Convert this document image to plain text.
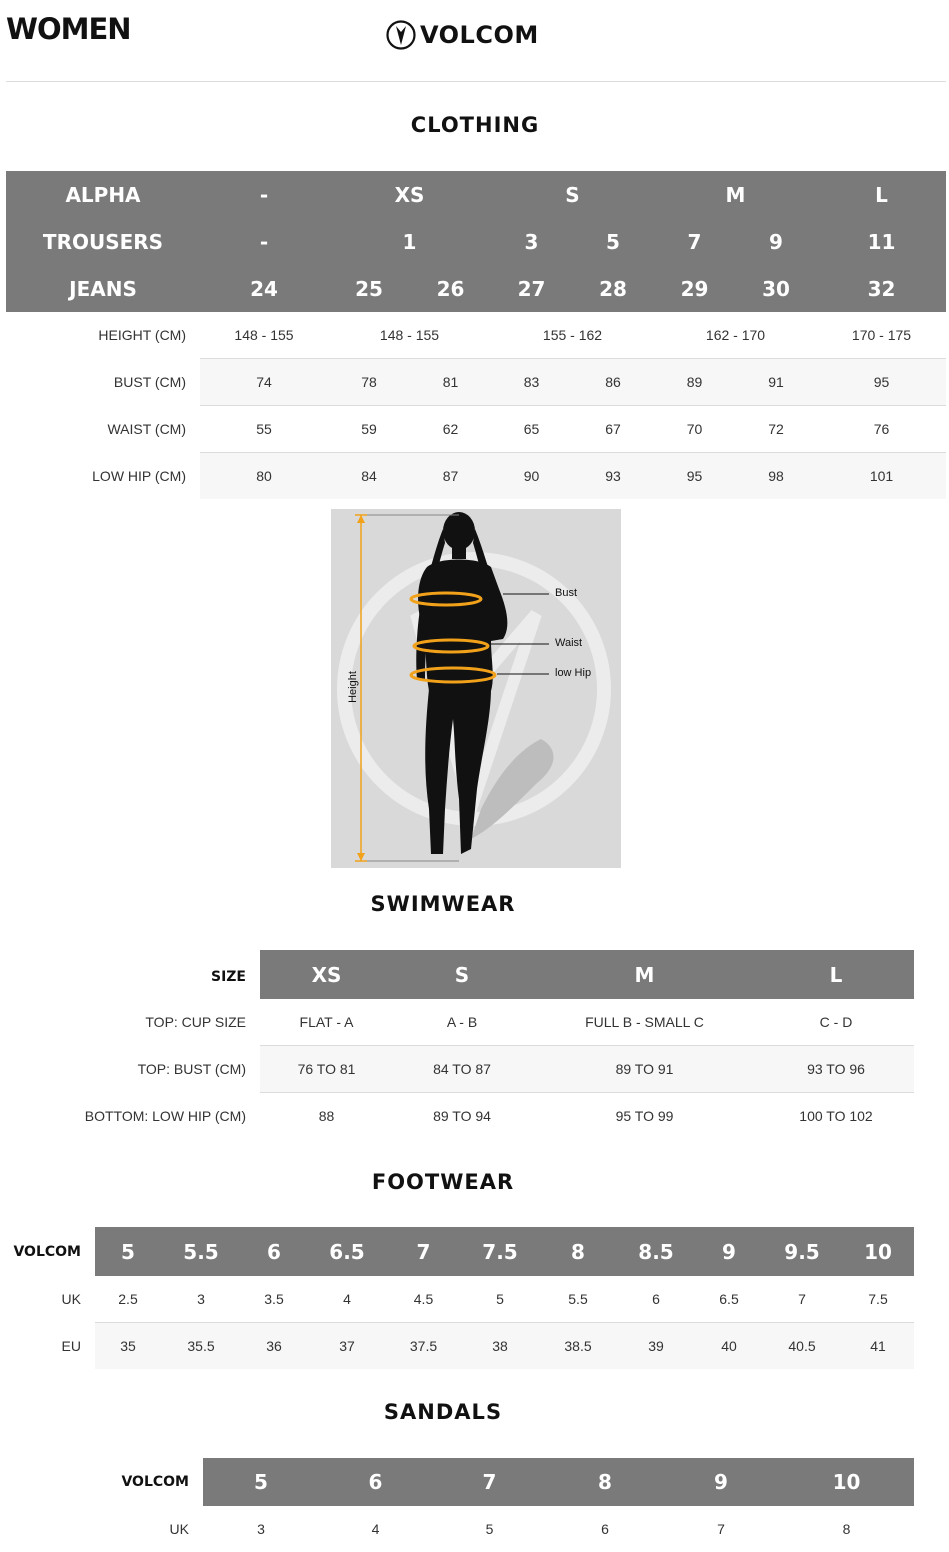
WOMEN	VOLCOM
CLOTHING
ALPHA	-	XS	S	M	L
TROUSERS	-	1	3	5	7	9	11
JEANS	24	25	26	27	28	29	30	32
HEIGHT (CM)	148 - 155	148 - 155	155 - 162	162 - 170	170 - 175
BUST (CM)	74	78	81	83	86	89	91	95
WAIST (CM)	55	59	62	65	67	70	72	76
LOW HIP (CM)	80	84	87	90	93	95	98	101
Height
Bust
Waist
low Hip
SWIMWEAR
SIZE	XS	S	M	L
TOP: CUP SIZE	FLAT - A	A - B	FULL B - SMALL C	C - D
TOP: BUST (CM)	76 TO 81	84 TO 87	89 TO 91	93 TO 96
BOTTOM: LOW HIP (CM)	88	89 TO 94	95 TO 99	100 TO 102
FOOTWEAR
VOLCOM	5	5.5	6	6.5	7	7.5	8	8.5	9	9.5	10
UK	2.5	3	3.5	4	4.5	5	5.5	6	6.5	7	7.5
EU	35	35.5	36	37	37.5	38	38.5	39	40	40.5	41
SANDALS
VOLCOM	5	6	7	8	9	10
UK	3	4	5	6	7	8
